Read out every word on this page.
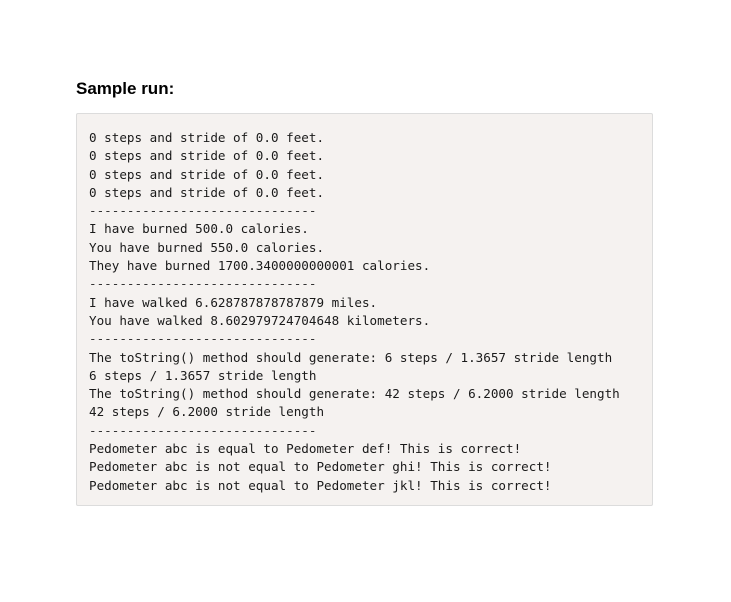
Sample run:
0 steps and stride of 0.0 feet.
0 steps and stride of 0.0 feet.
0 steps and stride of 0.0 feet.
0 steps and stride of 0.0 feet.
------------------------------
I have burned 500.0 calories.
You have burned 550.0 calories.
They have burned 1700.3400000000001 calories.
------------------------------
I have walked 6.628787878787879 miles.
You have walked 8.602979724704648 kilometers.
------------------------------
The toString() method should generate: 6 steps / 1.3657 stride length
6 steps / 1.3657 stride length
The toString() method should generate: 42 steps / 6.2000 stride length
42 steps / 6.2000 stride length
------------------------------
Pedometer abc is equal to Pedometer def! This is correct!
Pedometer abc is not equal to Pedometer ghi! This is correct!
Pedometer abc is not equal to Pedometer jkl! This is correct!
